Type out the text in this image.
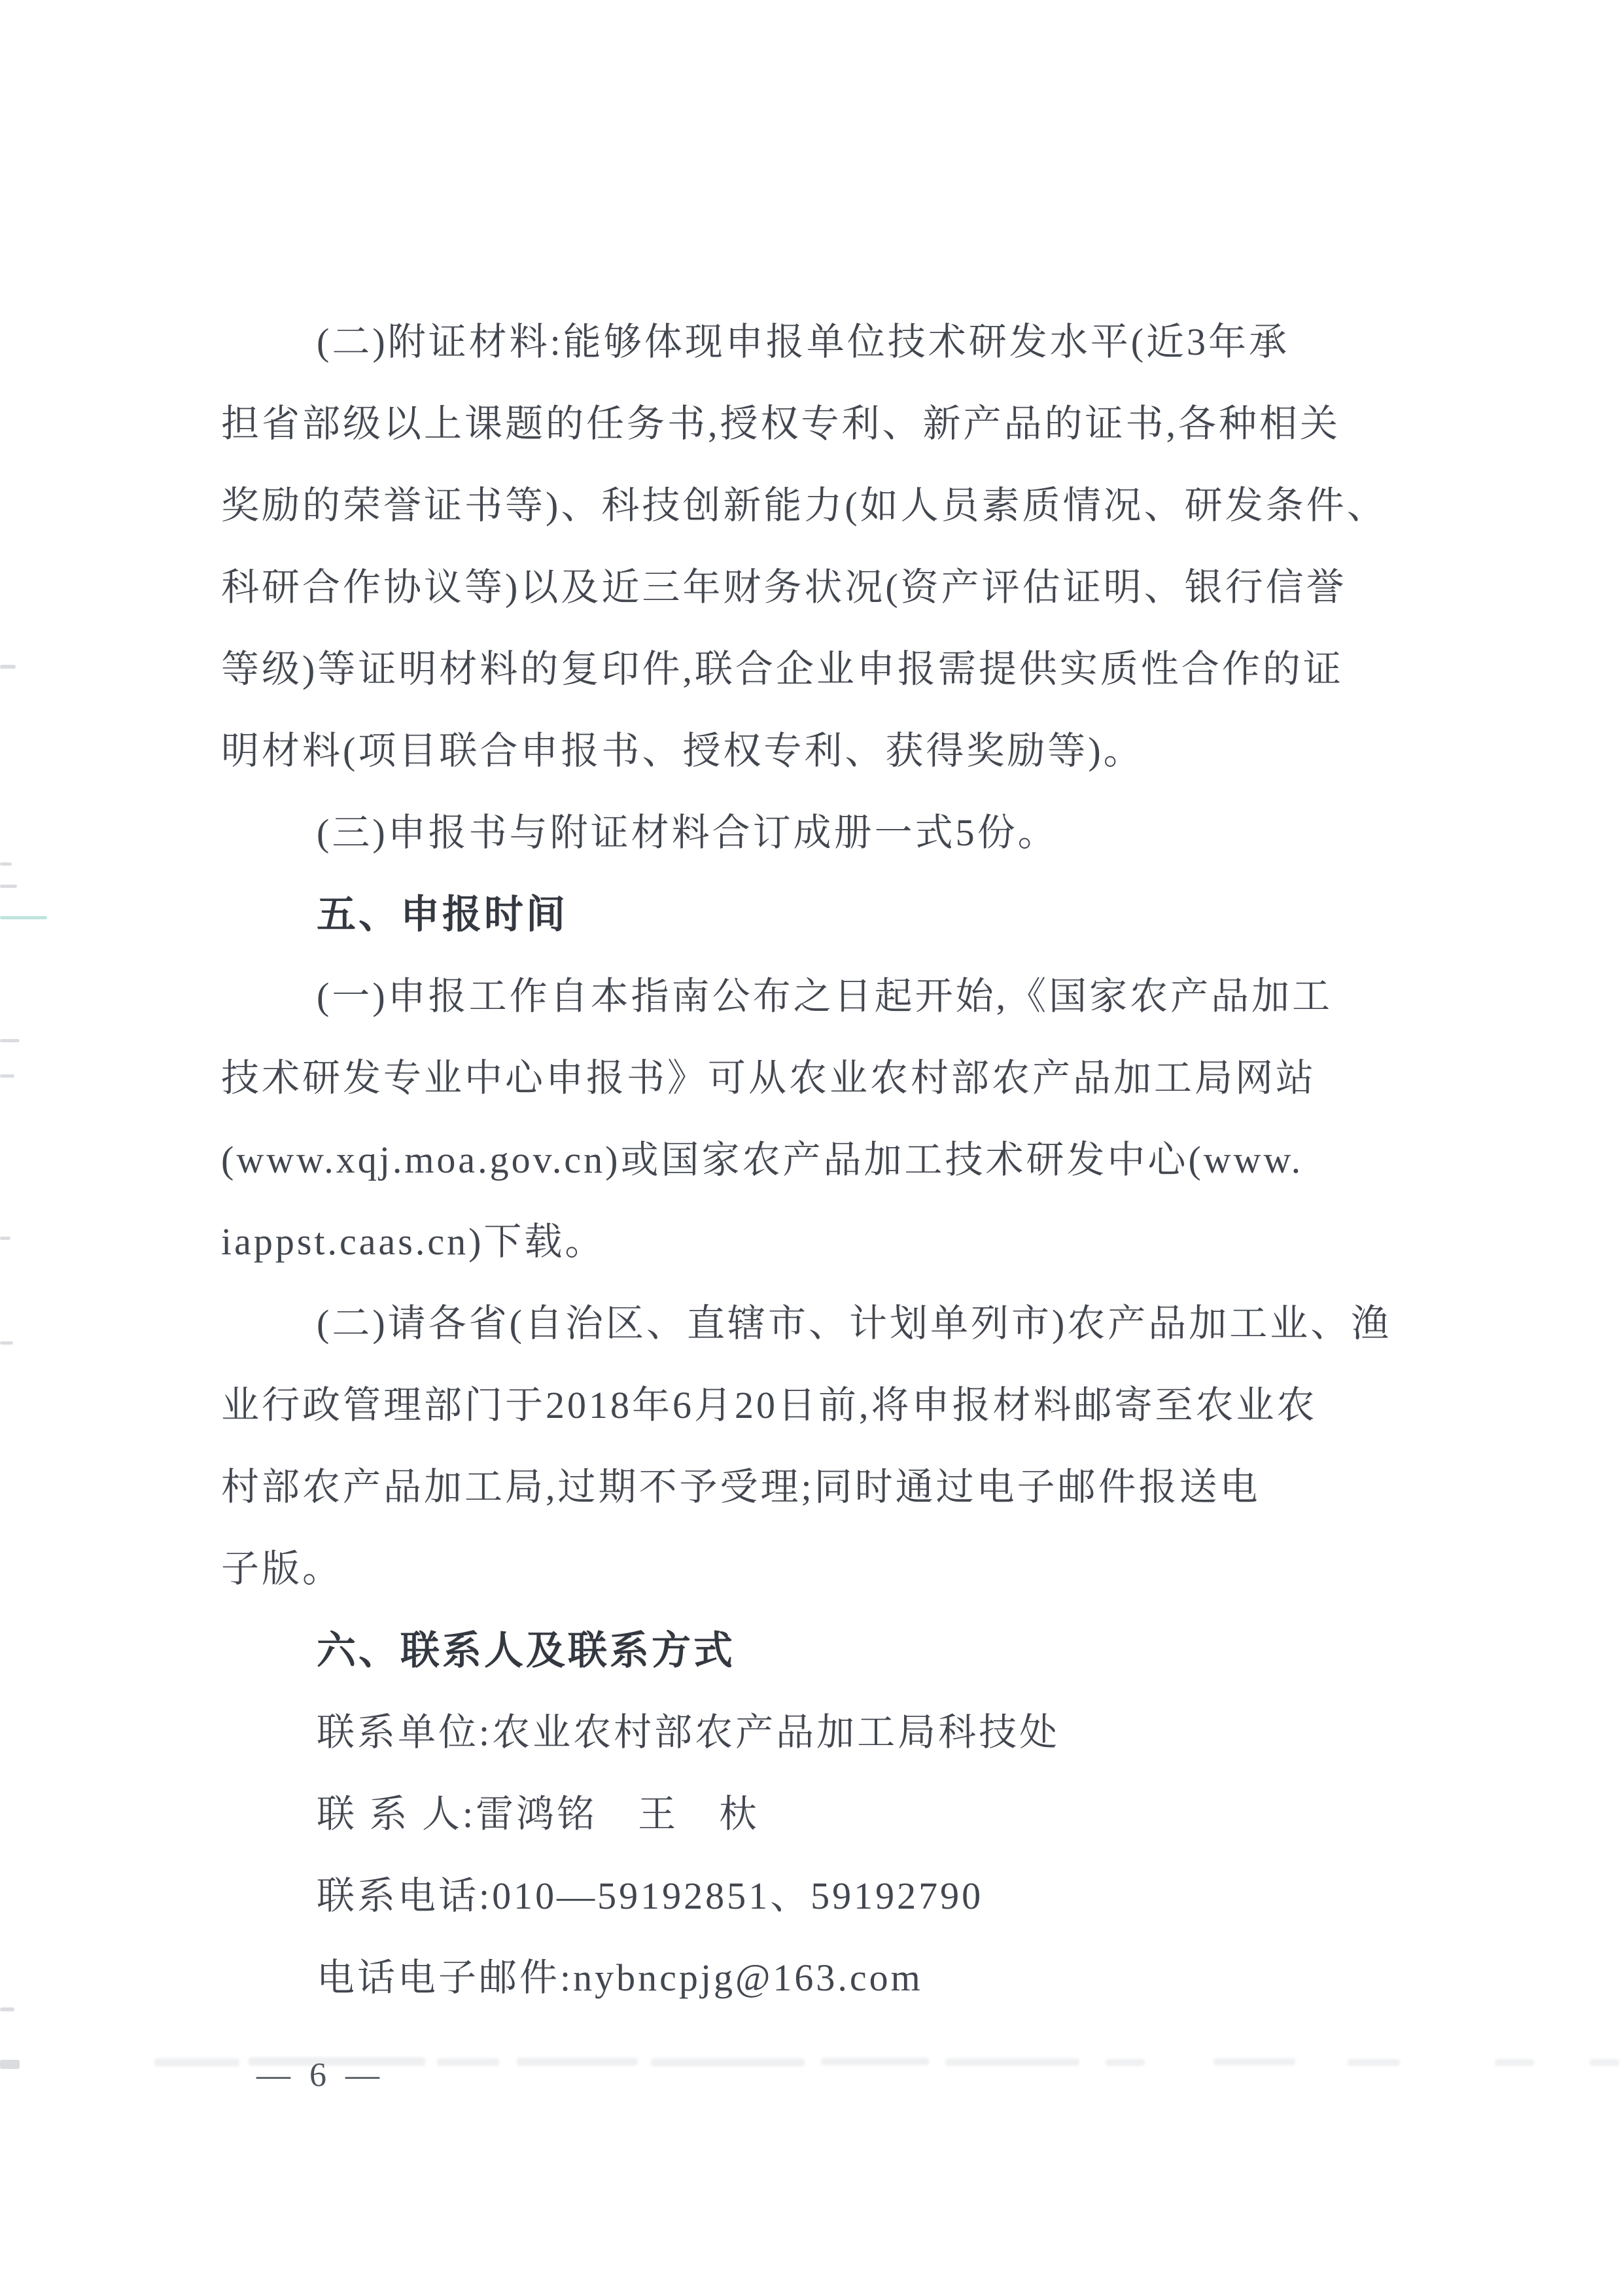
(二)附证材料:能够体现申报单位技术研发水平(近3年承
担省部级以上课题的任务书,授权专利、新产品的证书,各种相关
奖励的荣誉证书等)、科技创新能力(如人员素质情况、研发条件、
科研合作协议等)以及近三年财务状况(资产评估证明、银行信誉
等级)等证明材料的复印件,联合企业申报需提供实质性合作的证
明材料(项目联合申报书、授权专利、获得奖励等)。
(三)申报书与附证材料合订成册一式5份。
五、申报时间
(一)申报工作自本指南公布之日起开始,《国家农产品加工
技术研发专业中心申报书》可从农业农村部农产品加工局网站
(www.xqj.moa.gov.cn)或国家农产品加工技术研发中心(www.
iappst.caas.cn)下载。
(二)请各省(自治区、直辖市、计划单列市)农产品加工业、渔
业行政管理部门于2018年6月20日前,将申报材料邮寄至农业农
村部农产品加工局,过期不予受理;同时通过电子邮件报送电
子版。
六、联系人及联系方式
联系单位:农业农村部农产品加工局科技处
联 系 人:雷鸿铭　王　杕
联系电话:010—59192851、59192790
电话电子邮件:nybncpjg@163.com
— 6 —
